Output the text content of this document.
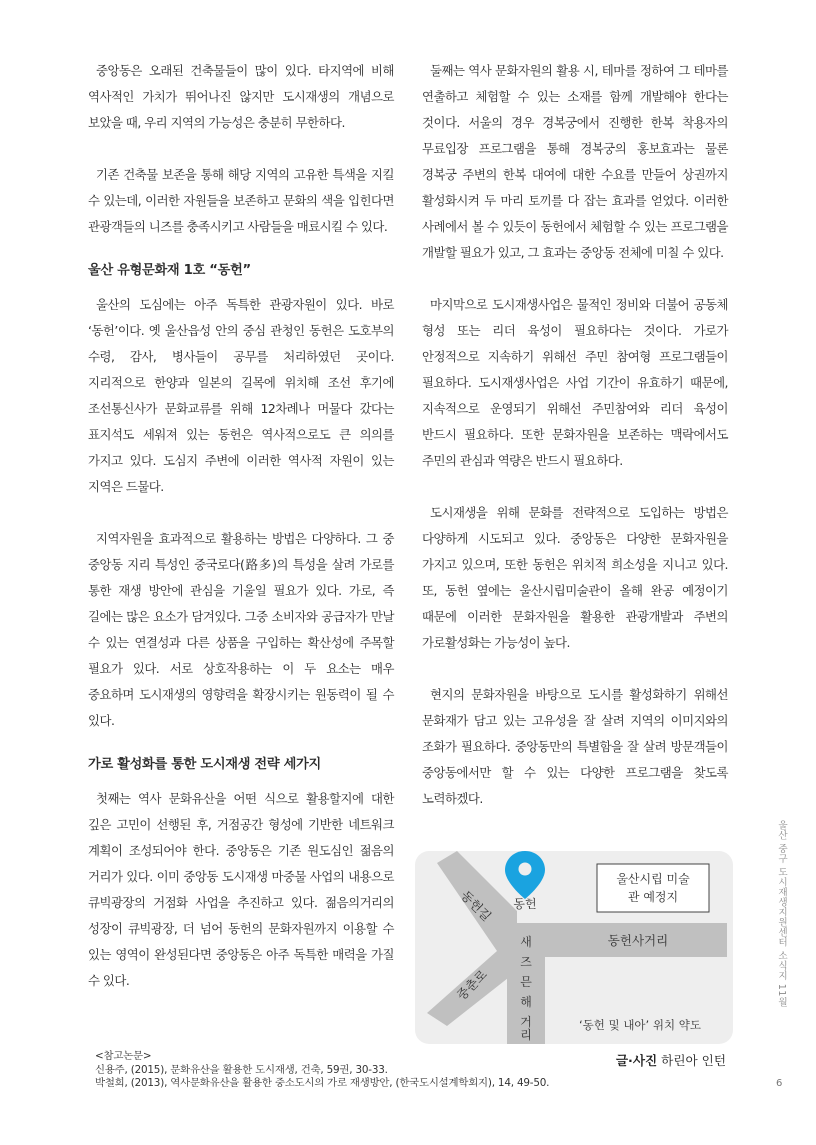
중앙동은 오래된 건축물들이 많이 있다. 타지역에 비해 역사적인 가치가 뛰어나진 않지만 도시재생의 개념으로 보았을 때, 우리 지역의 가능성은 충분히 무한하다.

기존 건축물 보존을 통해 해당 지역의 고유한 특색을 지킬 수 있는데, 이러한 자원들을 보존하고 문화의 색을 입힌다면 관광객들의 니즈를 충족시키고 사람들을 매료시킬 수 있다.

울산 유형문화재 1호 “동헌”

울산의 도심에는 아주 독특한 관광자원이 있다. 바로 ‘동헌’이다. 옛 울산읍성 안의 중심 관청인 동헌은 도호부의 수령, 감사, 병사들이 공무를 처리하였던 곳이다. 지리적으로 한양과 일본의 길목에 위치해 조선 후기에 조선통신사가 문화교류를 위해 12차례나 머물다 갔다는 표지석도 세워져 있는 동헌은 역사적으로도 큰 의의를 가지고 있다. 도심지 주변에 이러한 역사적 자원이 있는 지역은 드물다.

지역자원을 효과적으로 활용하는 방법은 다양하다. 그 중 중앙동 지리 특성인 중국로다(路多)의 특성을 살려 가로를 통한 재생 방안에 관심을 기울일 필요가 있다. 가로, 즉 길에는 많은 요소가 담겨있다. 그중 소비자와 공급자가 만날 수 있는 연결성과 다른 상품을 구입하는 확산성에 주목할 필요가 있다. 서로 상호작용하는 이 두 요소는 매우 중요하며 도시재생의 영향력을 확장시키는 원동력이 될 수 있다.

가로 활성화를 통한 도시재생 전략 세가지

첫째는 역사 문화유산을 어떤 식으로 활용할지에 대한 깊은 고민이 선행된 후, 거점공간 형성에 기반한 네트워크 계획이 조성되어야 한다. 중앙동은 기존 원도심인 젊음의 거리가 있다. 이미 중앙동 도시재생 마중물 사업의 내용으로 큐빅광장의 거점화 사업을 추진하고 있다. 젊음의거리의 성장이 큐빅광장, 더 넘어 동헌의 문화자원까지 이용할 수 있는 영역이 완성된다면 중앙동은 아주 독특한 매력을 가질 수 있다.

둘째는 역사 문화자원의 활용 시, 테마를 정하여 그 테마를 연출하고 체험할 수 있는 소재를 함께 개발해야 한다는 것이다. 서울의 경우 경복궁에서 진행한 한복 착용자의 무료입장 프로그램을 통해 경복궁의 홍보효과는 물론 경복궁 주변의 한복 대여에 대한 수요를 만들어 상권까지 활성화시켜 두 마리 토끼를 다 잡는 효과를 얻었다. 이러한 사례에서 볼 수 있듯이 동헌에서 체험할 수 있는 프로그램을 개발할 필요가 있고, 그 효과는 중앙동 전체에 미칠 수 있다.

마지막으로 도시재생사업은 물적인 정비와 더불어 공동체 형성 또는 리더 육성이 필요하다는 것이다. 가로가 안정적으로 지속하기 위해선 주민 참여형 프로그램들이 필요하다. 도시재생사업은 사업 기간이 유효하기 때문에, 지속적으로 운영되기 위해선 주민참여와 리더 육성이 반드시 필요하다. 또한 문화자원을 보존하는 맥락에서도 주민의 관심과 역량은 반드시 필요하다.

도시재생을 위해 문화를 전략적으로 도입하는 방법은 다양하게 시도되고 있다. 중앙동은 다양한 문화자원을 가지고 있으며, 또한 동헌은 위치적 희소성을 지니고 있다. 또, 동헌 옆에는 울산시립미술관이 올해 완공 예정이기 때문에 이러한 문화자원을 활용한 관광개발과 주변의 가로활성화는 가능성이 높다.

현지의 문화자원을 바탕으로 도시를 활성화하기 위해선 문화재가 담고 있는 고유성을 잘 살려 지역의 이미지와의 조화가 필요하다. 중앙동만의 특별함을 잘 살려 방문객들이 중앙동에서만 할 수 있는 다양한 프로그램을 찾도록 노력하겠다.

울산시립 미술
관 예정지
동헌
동헌길
동헌사거리
중춘로
새
즈
믄
해
거
리
‘동헌 및 내아’ 위치 약도
<참고논문>
신용주, (2015), 문화유산을 활용한 도시재생, 건축, 59권, 30-33.
박철희, (2013), 역사문화유산을 활용한 중소도시의 가로 재생방안, (한국도시설계학회지), 14, 49-50.
글·사진 하린아 인턴
울산 중구 도시재생지원센터 소식지 11월
6
